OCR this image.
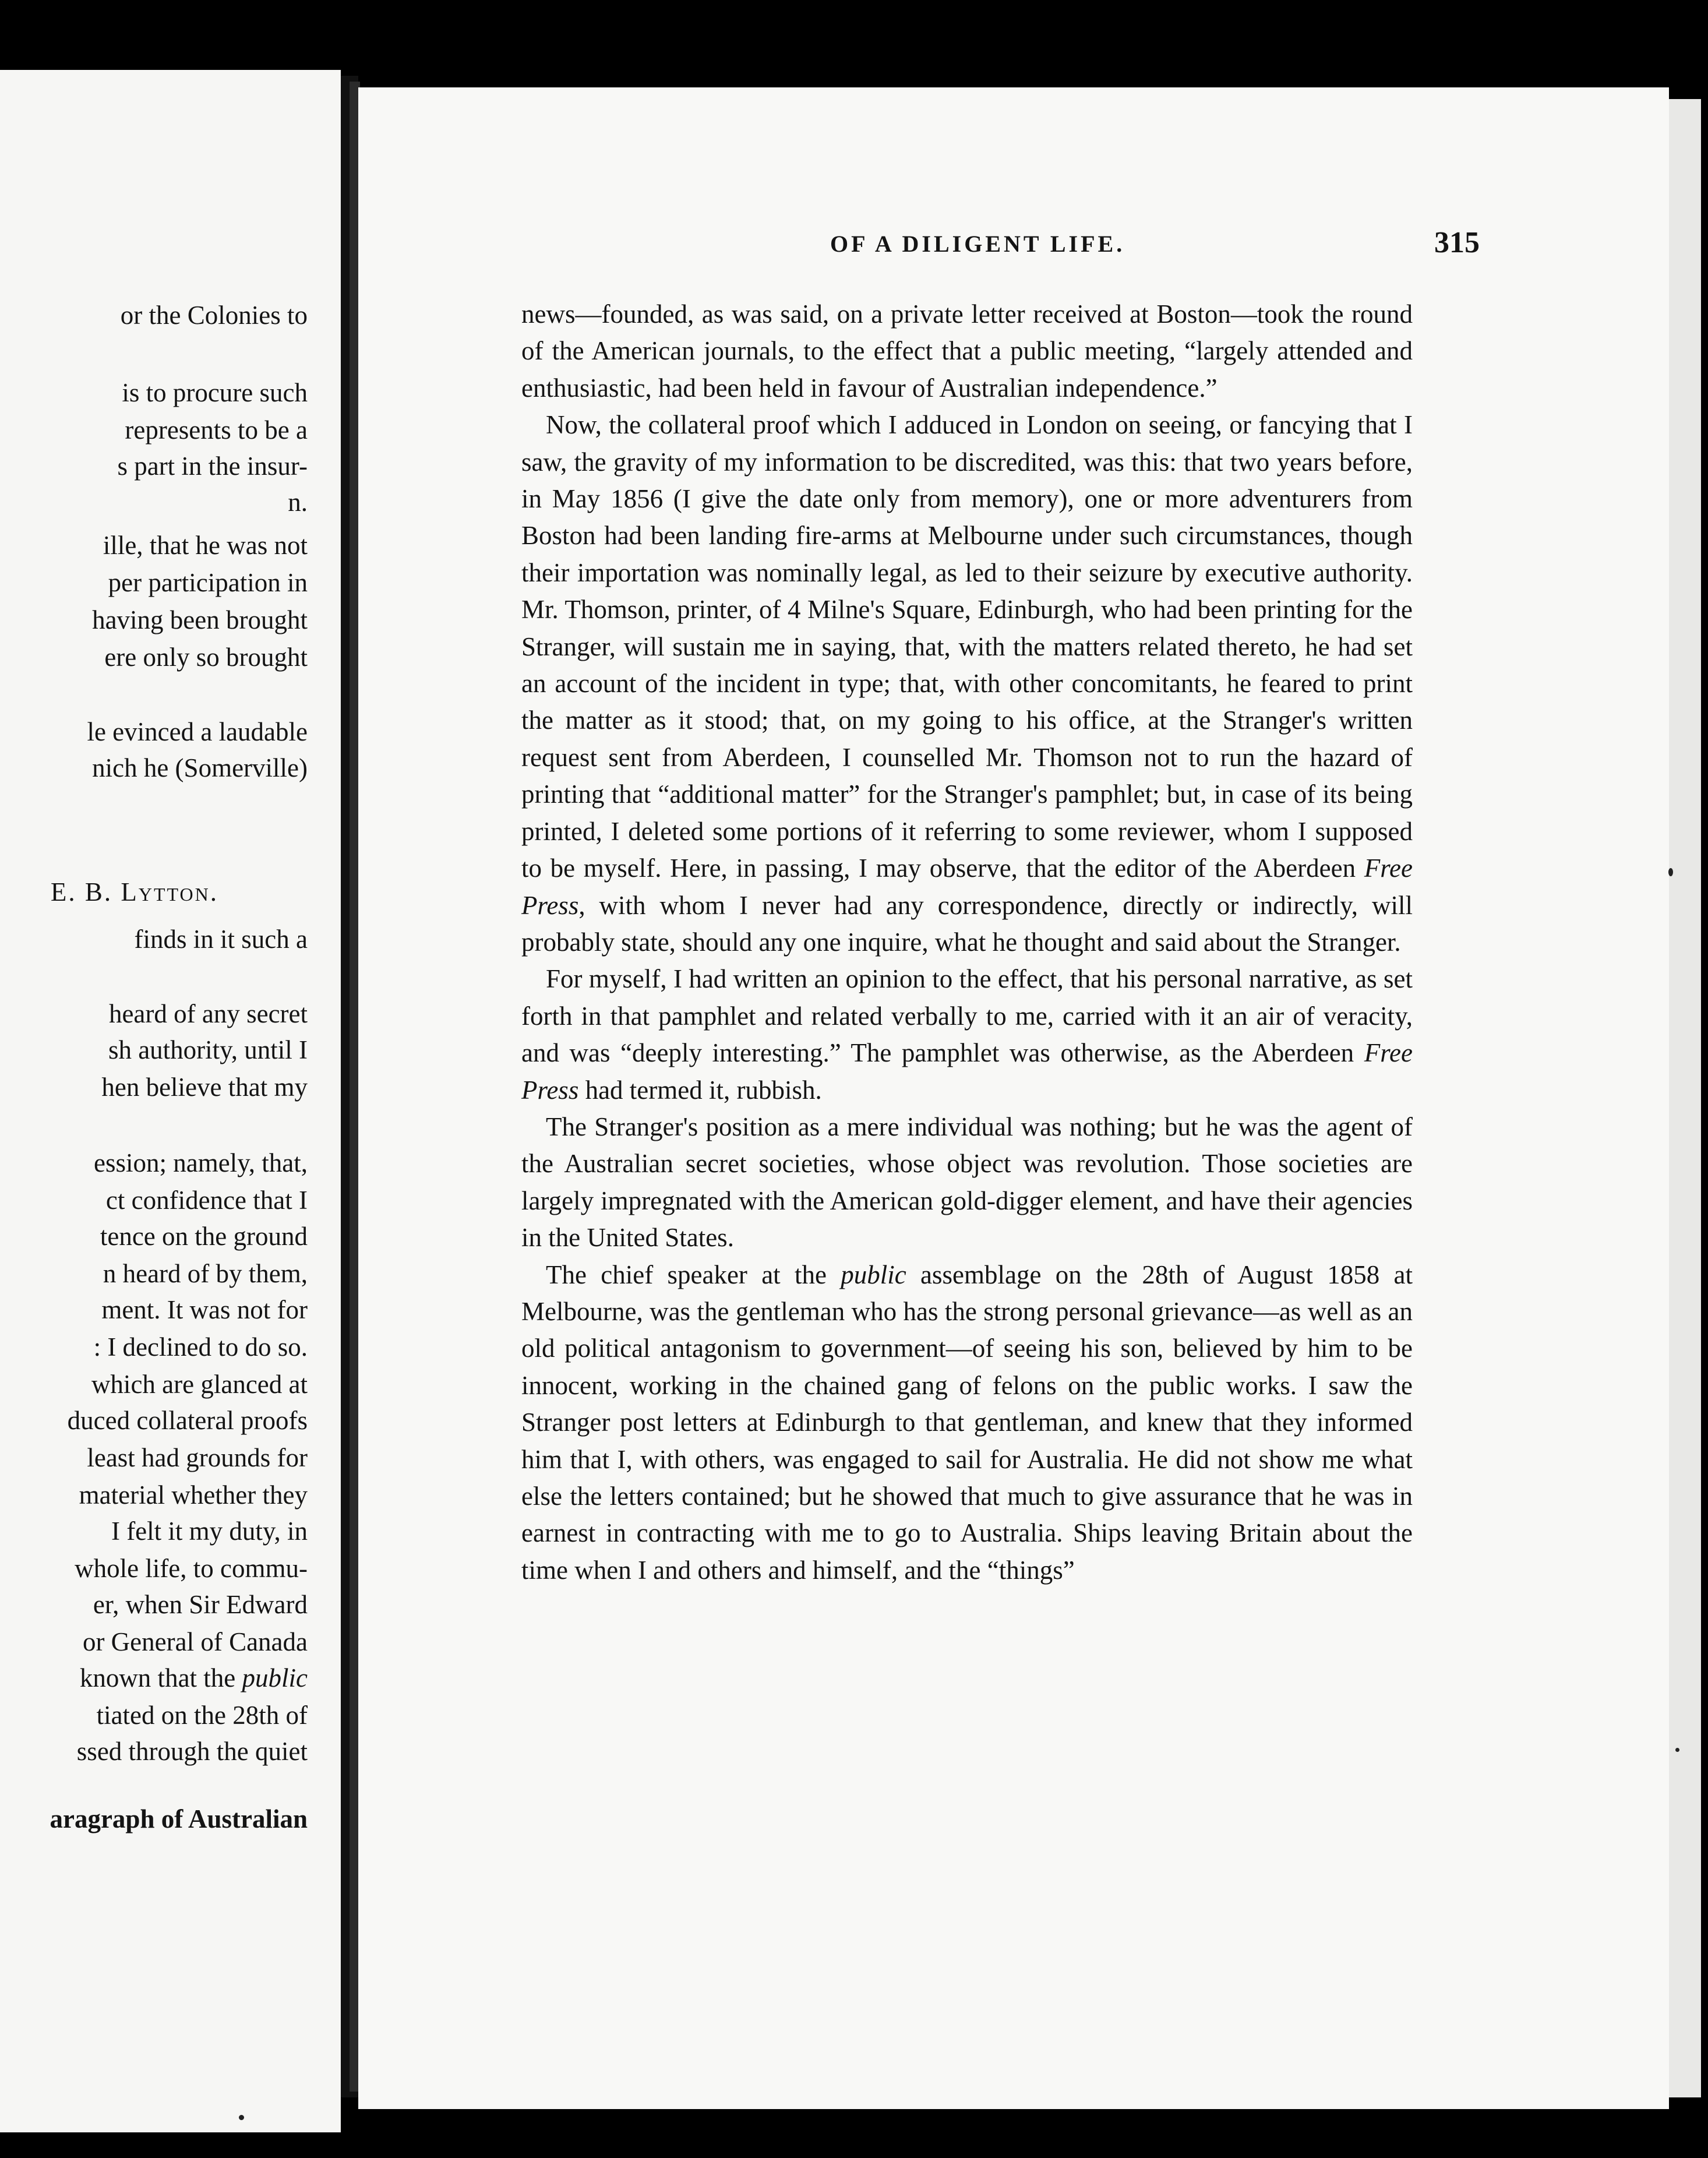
or the Colonies to
is to procure such
represents to be a
s part in the insur-
n.
ille, that he was not
per participation in
having been brought
ere only so brought
le evinced a laudable
nich he (Somerville)
E. B. Lytton.
finds in it such a
heard of any secret
sh authority, until I
hen believe that my
ession; namely, that,
ct confidence that I
tence on the ground
n heard of by them,
ment. It was not for
: I declined to do so.
which are glanced at
duced collateral proofs
least had grounds for
material whether they
I felt it my duty, in
whole life, to commu-
er, when Sir Edward
or General of Canada
known that the public
tiated on the 28th of
ssed through the quiet
aragraph of Australian
OF A DILIGENT LIFE.	315

news—founded, as was said, on a private letter received at Boston—took the round of the American journals, to the effect that a public meeting, “largely attended and enthusiastic, had been held in favour of Australian independence.”

Now, the collateral proof which I adduced in London on seeing, or fancying that I saw, the gravity of my information to be discredited, was this: that two years before, in May 1856 (I give the date only from memory), one or more adventurers from Boston had been landing fire-arms at Melbourne under such circumstances, though their importation was nominally legal, as led to their seizure by executive authority. Mr. Thomson, printer, of 4 Milne's Square, Edinburgh, who had been printing for the Stranger, will sustain me in saying, that, with the matters related thereto, he had set an account of the incident in type; that, with other concomitants, he feared to print the matter as it stood; that, on my going to his office, at the Stranger's written request sent from Aberdeen, I counselled Mr. Thomson not to run the hazard of printing that “additional matter” for the Stranger's pamphlet; but, in case of its being printed, I deleted some portions of it referring to some reviewer, whom I supposed to be myself. Here, in passing, I may observe, that the editor of the Aberdeen Free Press, with whom I never had any correspondence, directly or indirectly, will probably state, should any one inquire, what he thought and said about the Stranger.

For myself, I had written an opinion to the effect, that his personal narrative, as set forth in that pamphlet and related verbally to me, carried with it an air of veracity, and was “deeply interesting.” The pamphlet was otherwise, as the Aberdeen Free Press had termed it, rubbish.

The Stranger's position as a mere individual was nothing; but he was the agent of the Australian secret societies, whose object was revolution. Those societies are largely impregnated with the American gold-digger element, and have their agencies in the United States.

The chief speaker at the public assemblage on the 28th of August 1858 at Melbourne, was the gentleman who has the strong personal grievance—as well as an old political antagonism to government—of seeing his son, believed by him to be innocent, working in the chained gang of felons on the public works. I saw the Stranger post letters at Edinburgh to that gentleman, and knew that they informed him that I, with others, was engaged to sail for Australia. He did not show me what else the letters contained; but he showed that much to give assurance that he was in earnest in contracting with me to go to Australia. Ships leaving Britain about the time when I and others and himself, and the “things”
